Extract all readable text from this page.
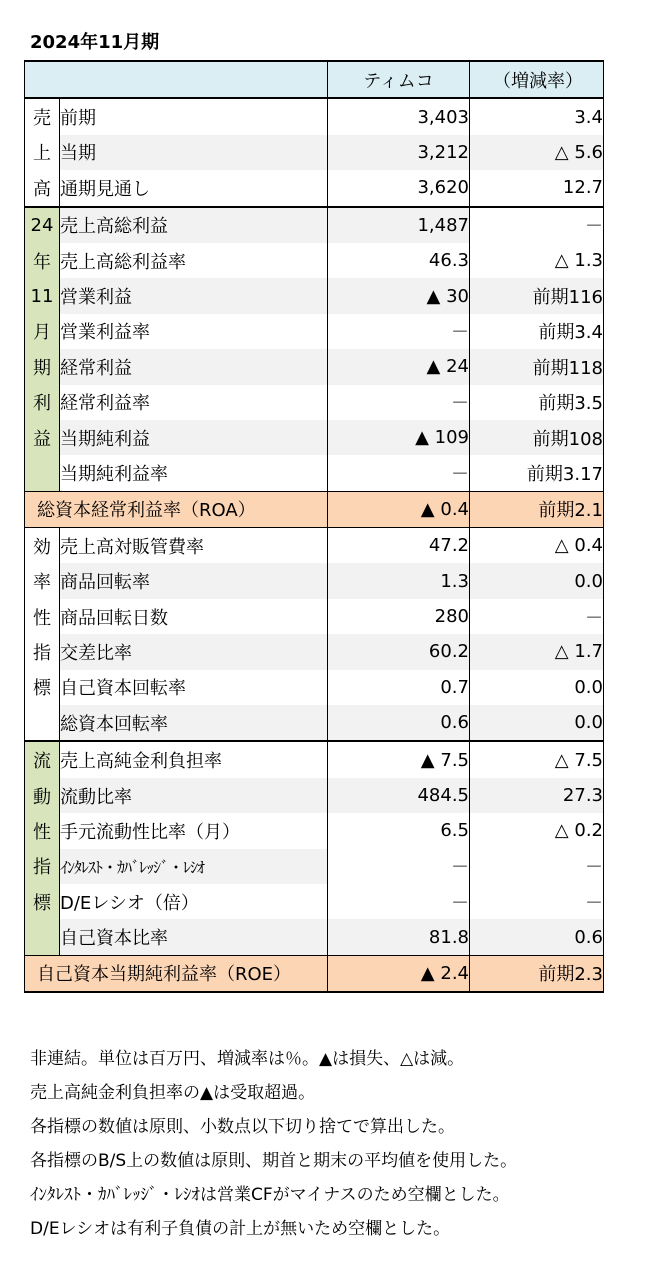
2024年11月期
		ティムコ	（増減率）
売	前期	3,403	3.4
上	当期	3,212	△ 5.6
高	通期見通し	3,620	12.7
24	売上高総利益	1,487	－
年	売上高総利益率	46.3	△ 1.3
11	営業利益	▲ 30	前期116
月	営業利益率	－	前期3.4
期	経常利益	▲ 24	前期118
利	経常利益率	－	前期3.5
益	当期純利益	▲ 109	前期108
	当期純利益率	－	前期3.17
総資本経常利益率（ROA）		▲ 0.4	前期2.1
効	売上高対販管費率	47.2	△ 0.4
率	商品回転率	1.3	0.0
性	商品回転日数	280	－
指	交差比率	60.2	△ 1.7
標	自己資本回転率	0.7	0.0
	総資本回転率	0.6	0.0
流	売上高純金利負担率	▲ 7.5	△ 7.5
動	流動比率	484.5	27.3
性	手元流動性比率（月）	6.5	△ 0.2
指	ｲﾝﾀﾚｽﾄ・ｶﾊﾞﾚｯｼﾞ・ﾚｼｵ	－	－
標	D/Eレシオ（倍）	－	－
	自己資本比率	81.8	0.6
自己資本当期純利益率（ROE）		▲ 2.4	前期2.3
非連結。単位は百万円、増減率は％。▲は損失、△は減。
売上高純金利負担率の▲は受取超過。
各指標の数値は原則、小数点以下切り捨てで算出した。
各指標のB/S上の数値は原則、期首と期末の平均値を使用した。
ｲﾝﾀﾚｽﾄ・ｶﾊﾞﾚｯｼﾞ・ﾚｼｵは営業CFがマイナスのため空欄とした。
D/Eレシオは有利子負債の計上が無いため空欄とした。
